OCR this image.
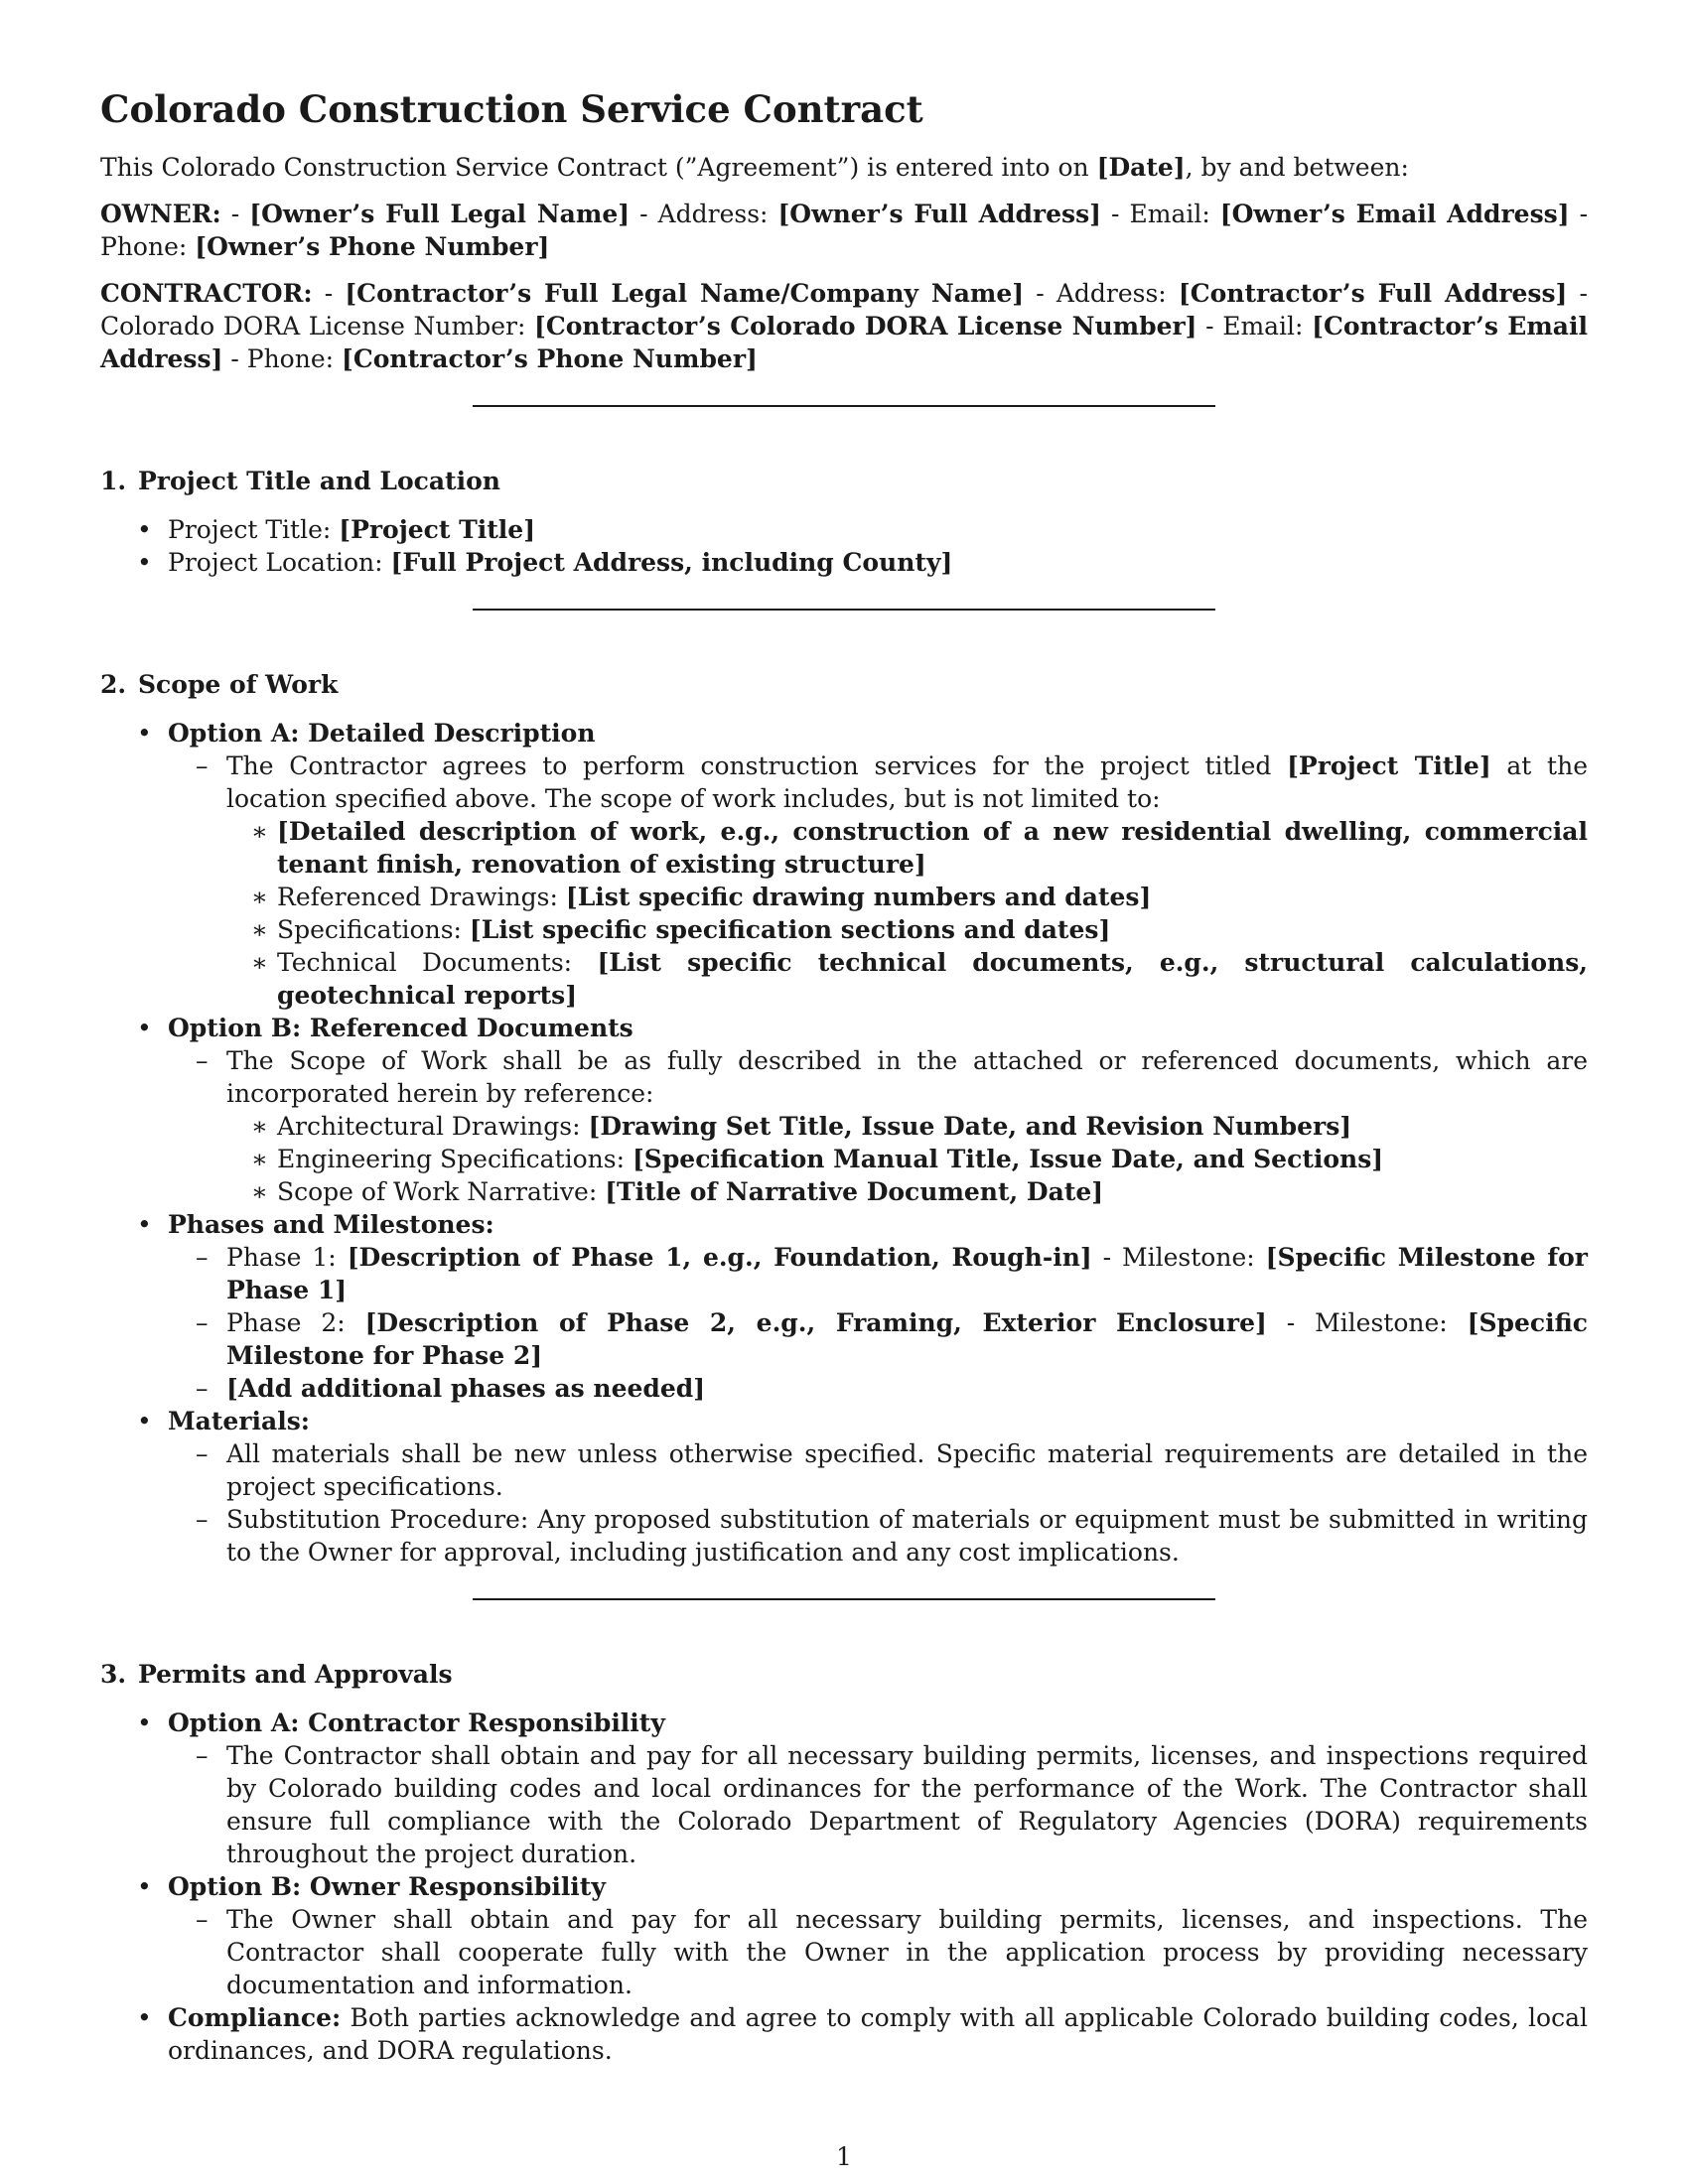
Colorado Construction Service Contract

This Colorado Construction Service Contract (”Agreement”) is entered into on [Date], by and between:

OWNER: - [Owner’s Full Legal Name] - Address: [Owner’s Full Address] - Email: [Owner’s Email Address] - Phone: [Owner’s Phone Number]

CONTRACTOR: - [Contractor’s Full Legal Name/Company Name] - Address: [Contractor’s Full Address] - Colorado DORA License Number: [Contractor’s Colorado DORA License Number] - Email: [Contractor’s Email Address] - Phone: [Contractor’s Phone Number]

1. Project Title and Location
• Project Title: [Project Title]
• Project Location: [Full Project Address, including County]
2. Scope of Work
• Option A: Detailed Description
– The Contractor agrees to perform construction services for the project titled [Project Title] at the location specified above. The scope of work includes, but is not limited to:
∗ [Detailed description of work, e.g., construction of a new residential dwelling, commercial tenant finish, renovation of existing structure]
∗ Referenced Drawings: [List specific drawing numbers and dates]
∗ Specifications: [List specific specification sections and dates]
∗ Technical Documents: [List specific technical documents, e.g., structural calculations, geotechnical reports]
• Option B: Referenced Documents
– The Scope of Work shall be as fully described in the attached or referenced documents, which are incorporated herein by reference:
∗ Architectural Drawings: [Drawing Set Title, Issue Date, and Revision Numbers]
∗ Engineering Specifications: [Specification Manual Title, Issue Date, and Sections]
∗ Scope of Work Narrative: [Title of Narrative Document, Date]
• Phases and Milestones:
– Phase 1: [Description of Phase 1, e.g., Foundation, Rough-in] - Milestone: [Specific Milestone for Phase 1]
– Phase 2: [Description of Phase 2, e.g., Framing, Exterior Enclosure] - Milestone: [Specific Milestone for Phase 2]
– [Add additional phases as needed]
• Materials:
– All materials shall be new unless otherwise specified. Specific material requirements are detailed in the project specifications.
– Substitution Procedure: Any proposed substitution of materials or equipment must be submitted in writing to the Owner for approval, including justification and any cost implications.
3. Permits and Approvals
• Option A: Contractor Responsibility
– The Contractor shall obtain and pay for all necessary building permits, licenses, and inspections required by Colorado building codes and local ordinances for the performance of the Work. The Contractor shall ensure full compliance with the Colorado Department of Regulatory Agencies (DORA) requirements throughout the project duration.
• Option B: Owner Responsibility
– The Owner shall obtain and pay for all necessary building permits, licenses, and inspections. The Contractor shall cooperate fully with the Owner in the application process by providing necessary documentation and information.
• Compliance: Both parties acknowledge and agree to comply with all applicable Colorado building codes, local ordinances, and DORA regulations.
1
